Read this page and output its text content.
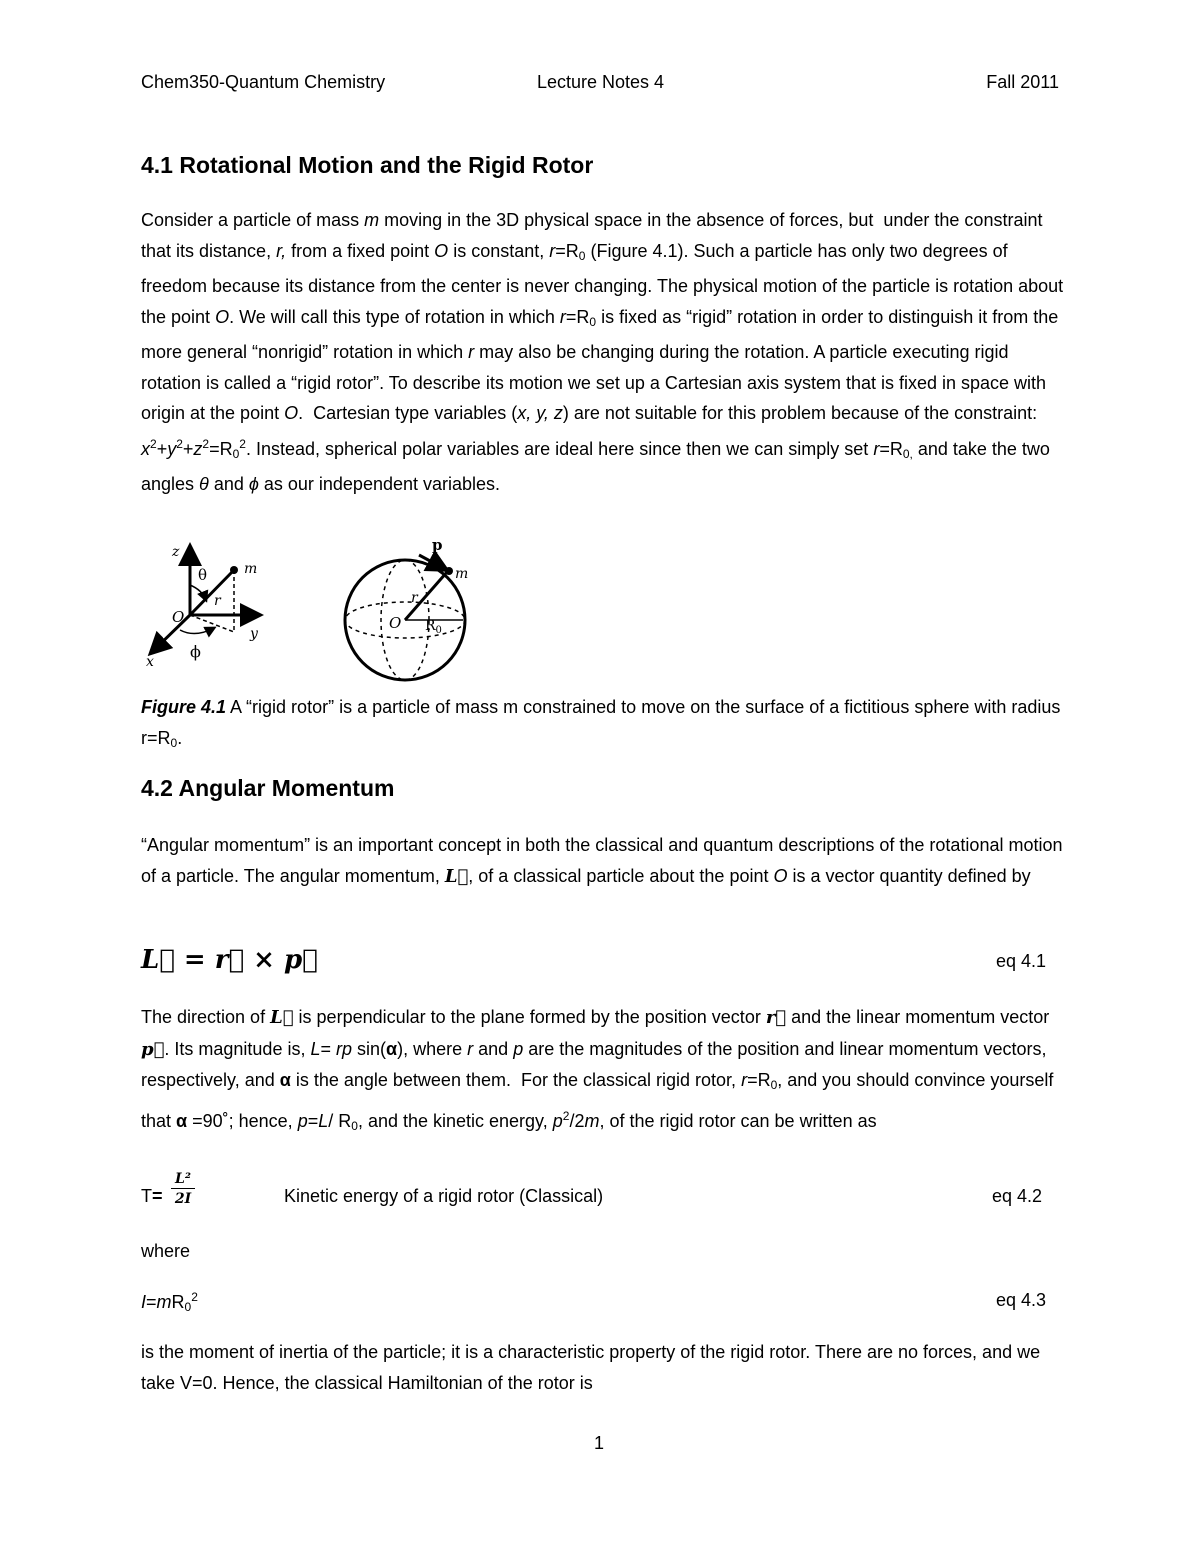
Chem350-Quantum Chemistry	Lecture Notes 4	Fall 2011
4.1 Rotational Motion and the Rigid Rotor

Consider a particle of mass m moving in the 3D physical space in the absence of forces, but  under the constraint that its distance, r, from a fixed point O is constant, $r=R_0$ (Figure 4.1). Such a particle has only two degrees of freedom because its distance from the center is never changing. The physical motion of the particle is rotation about the point O. We will call this type of rotation in which $r=R_0$ is fixed as “rigid” rotation in order to distinguish it from the more general “nonrigid” rotation in which r may also be changing during the rotation. A particle executing rigid rotation is called a “rigid rotor”. To describe its motion we set up a Cartesian axis system that is fixed in space with origin at the point O.  Cartesian type variables (x, y, z) are not suitable for this problem because of the constraint: $x^2+y^2+z^2=R_0^2$. Instead, spherical polar variables are ideal here since then we can simply set $r=R_{0,}$ and take the two angles θ and ϕ as our independent variables.

z
θ	m
r
O
y
x
ϕ
p
m
r
O $R_0$

Figure 4.1 A “rigid rotor” is a particle of mass m constrained to move on the surface of a fictitious sphere with radius $r=R_0$.

4.2 Angular Momentum

“Angular momentum” is an important concept in both the classical and quantum descriptions of the rotational motion of a particle. The angular momentum, L⃗, of a classical particle about the point O is a vector quantity defined by

L⃗ = r⃗ × p⃗	eq 4.1

The direction of L⃗ is perpendicular to the plane formed by the position vector r⃗ and the linear momentum vector p⃗. Its magnitude is, L= rp sin(α), where r and p are the magnitudes of the position and linear momentum vectors, respectively, and α is the angle between them.  For the classical rigid rotor, $r=R_0$, and you should convince yourself that α =90˚; hence, p=L/ $R_0$, and the kinetic energy, $p^2/2m$, of the rigid rotor can be written as

$T= \frac{\text{L²}}{2I}$	Kinetic energy of a rigid rotor (Classical)	eq 4.2

where

$I=mR_0^2$	eq 4.3

is the moment of inertia of the particle; it is a characteristic property of the rigid rotor. There are no forces, and we take V=0. Hence, the classical Hamiltonian of the rotor is

1
